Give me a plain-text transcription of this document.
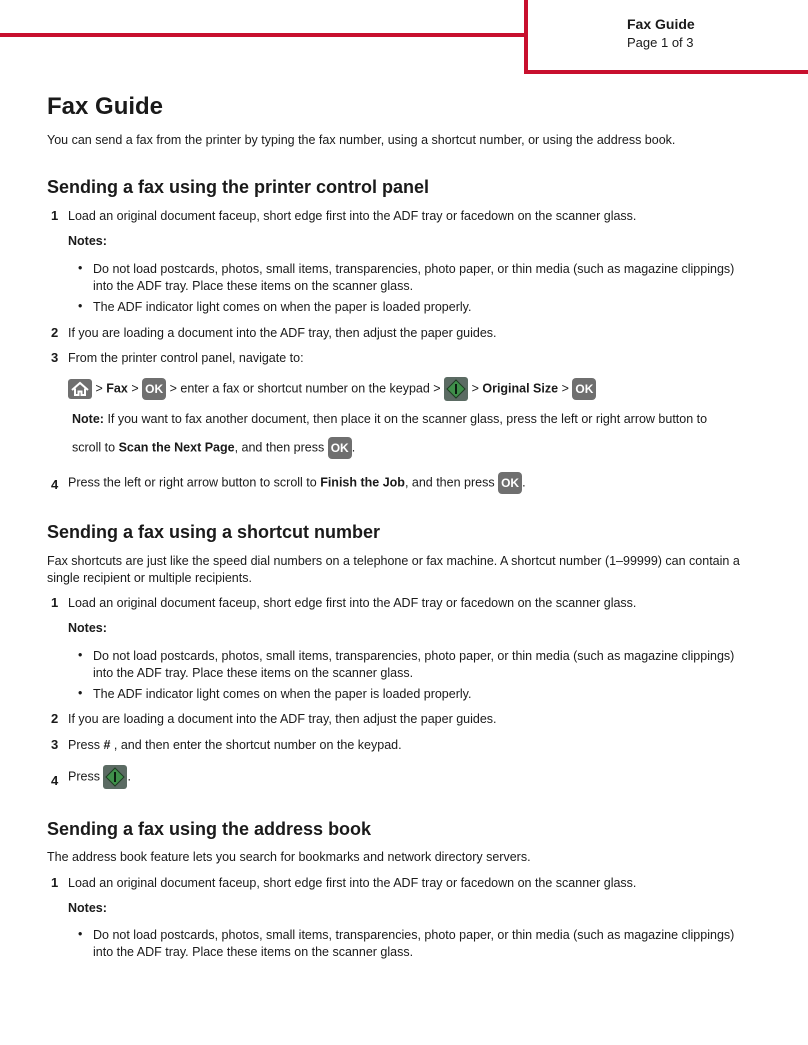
Fax Guide
Page 1 of 3
Fax Guide
You can send a fax from the printer by typing the fax number, using a shortcut number, or using the address book.
Sending a fax using the printer control panel
1 Load an original document faceup, short edge first into the ADF tray or facedown on the scanner glass.
Notes:
• Do not load postcards, photos, small items, transparencies, photo paper, or thin media (such as magazine clippings)
into the ADF tray. Place these items on the scanner glass.
• The ADF indicator light comes on when the paper is loaded properly.
2 If you are loading a document into the ADF tray, then adjust the paper guides.
3 From the printer control panel, navigate to:
> Fax > OK > enter a fax or shortcut number on the keypad > > Original Size > OK
Note: If you want to fax another document, then place it on the scanner glass, press the left or right arrow button to
scroll to Scan the Next Page, and then press OK .
4 Press the left or right arrow button to scroll to Finish the Job, and then press OK .
Sending a fax using a shortcut number
Fax shortcuts are just like the speed dial numbers on a telephone or fax machine. A shortcut number (1–99999) can contain a
single recipient or multiple recipients.
1 Load an original document faceup, short edge first into the ADF tray or facedown on the scanner glass.
Notes:
• Do not load postcards, photos, small items, transparencies, photo paper, or thin media (such as magazine clippings)
into the ADF tray. Place these items on the scanner glass.
• The ADF indicator light comes on when the paper is loaded properly.
2 If you are loading a document into the ADF tray, then adjust the paper guides.
3 Press # , and then enter the shortcut number on the keypad.
4 Press .
Sending a fax using the address book
The address book feature lets you search for bookmarks and network directory servers.
1 Load an original document faceup, short edge first into the ADF tray or facedown on the scanner glass.
Notes:
• Do not load postcards, photos, small items, transparencies, photo paper, or thin media (such as magazine clippings)
into the ADF tray. Place these items on the scanner glass.
